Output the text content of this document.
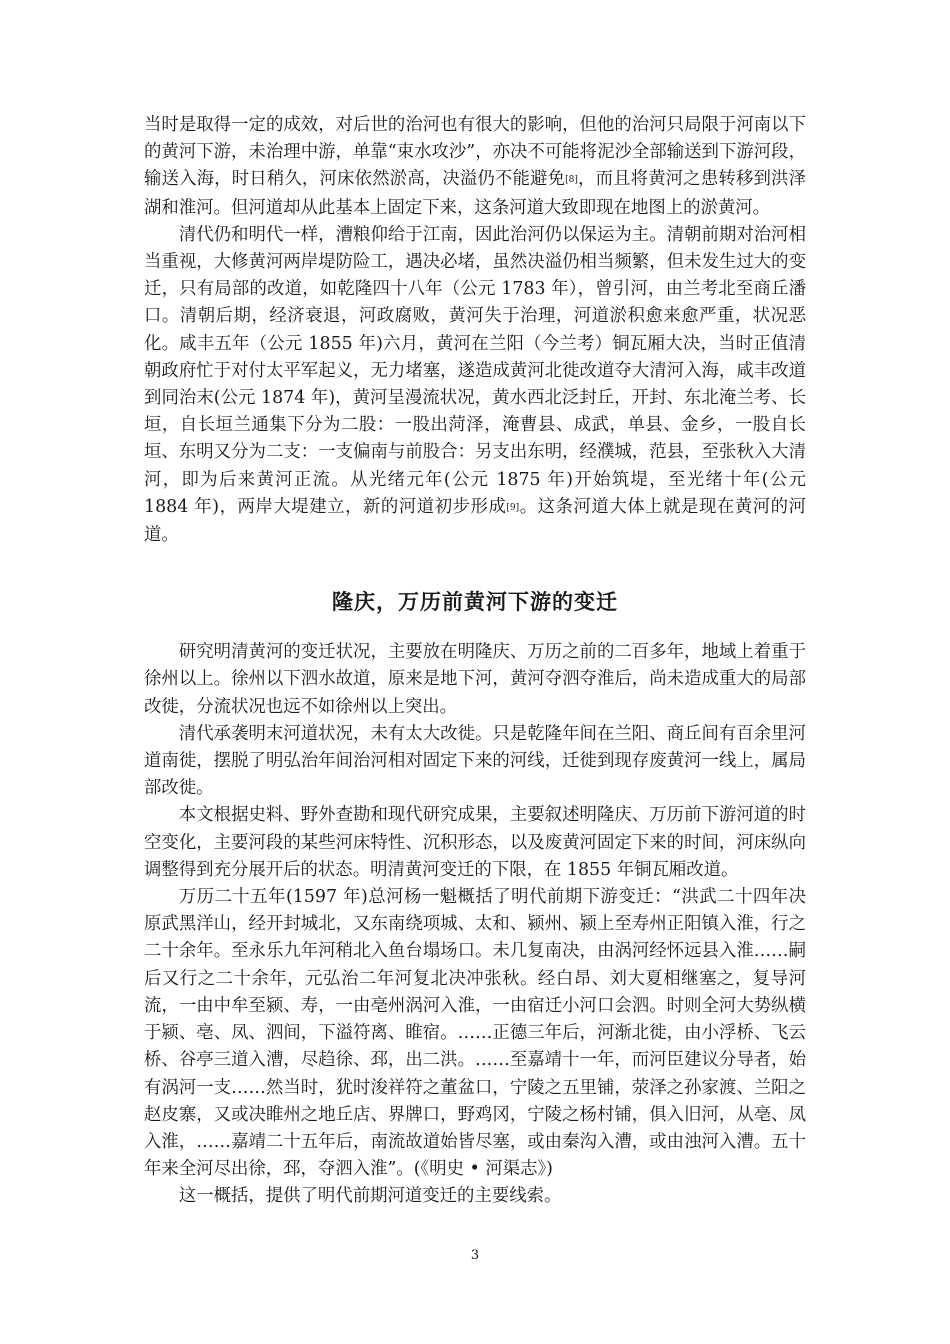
当时是取得一定的成效，对后世的治河也有很大的影响，但他的治河只局限于河南以下的黄河下游，未治理中游，单靠“束水攻沙”，亦决不可能将泥沙全部输送到下游河段，输送入海，时日稍久，河床依然淤高，决溢仍不能避免[8]，而且将黄河之患转移到洪泽湖和淮河。但河道却从此基本上固定下来，这条河道大致即现在地图上的淤黄河。

清代仍和明代一样，漕粮仰给于江南，因此治河仍以保运为主。清朝前期对治河相当重视，大修黄河两岸堤防险工，遇决必堵，虽然决溢仍相当频繁，但未发生过大的变迁，只有局部的改道，如乾隆四十八年（公元 1783 年），曾引河，由兰考北至商丘潘口。清朝后期，经济衰退，河政腐败，黄河失于治理，河道淤积愈来愈严重，状况恶化。咸丰五年（公元 1855 年)六月，黄河在兰阳（今兰考）铜瓦厢大决，当时正值清朝政府忙于对付太平军起义，无力堵塞，遂造成黄河北徙改道夺大清河入海，咸丰改道到同治末(公元 1874 年)，黄河呈漫流状况，黄水西北泛封丘，开封、东北淹兰考、长垣，自长垣兰通集下分为二股：一股出菏泽，淹曹县、成武，单县、金乡，一股自长垣、东明又分为二支：一支偏南与前股合：另支出东明，经濮城，范县，至张秋入大清河，即为后来黄河正流。从光绪元年(公元 1875 年)开始筑堤，至光绪十年(公元 1884 年)，两岸大堤建立，新的河道初步形成[9]。这条河道大体上就是现在黄河的河道。

隆庆，万历前黄河下游的变迁

研究明清黄河的变迁状况，主要放在明隆庆、万历之前的二百多年，地域上着重于徐州以上。徐州以下泗水故道，原来是地下河，黄河夺泗夺淮后，尚未造成重大的局部改徙，分流状况也远不如徐州以上突出。

清代承袭明末河道状况，未有太大改徙。只是乾隆年间在兰阳、商丘间有百余里河道南徙，摆脱了明弘治年间治河相对固定下来的河线，迁徙到现存废黄河一线上，属局部改徙。

本文根据史料、野外查勘和现代研究成果，主要叙述明隆庆、万历前下游河道的时空变化，主要河段的某些河床特性、沉积形态，以及废黄河固定下来的时间，河床纵向调整得到充分展开后的状态。明清黄河变迁的下限，在 1855 年铜瓦厢改道。

万历二十五年(1597 年)总河杨一魁概括了明代前期下游变迁：“洪武二十四年决原武黑洋山，经开封城北，又东南绕项城、太和、颍州、颍上至寿州正阳镇入淮，行之二十余年。至永乐九年河稍北入鱼台塌场口。未几复南决，由涡河经怀远县入淮……嗣后又行之二十余年，元弘治二年河复北决冲张秋。经白昂、刘大夏相继塞之，复导河流，一由中牟至颍、寿，一由亳州涡河入淮，一由宿迁小河口会泗。时则全河大势纵横于颍、亳、凤、泗间，下溢符离、睢宿。……正德三年后，河渐北徙，由小浮桥、飞云桥、谷亭三道入漕，尽趋徐、邳，出二洪。……至嘉靖十一年，而河臣建议分导者，始有涡河一支……然当时，犹时浚祥符之董盆口，宁陵之五里铺，荥泽之孙家渡、兰阳之赵皮寨，又或决睢州之地丘店、界牌口，野鸡冈，宁陵之杨村铺，俱入旧河，从亳、凤入淮，……嘉靖二十五年后，南流故道始皆尽塞，或由秦沟入漕，或由浊河入漕。五十年来全河尽出徐，邳，夺泗入淮”。(《明史 • 河渠志》)

这一概括，提供了明代前期河道变迁的主要线索。

3
